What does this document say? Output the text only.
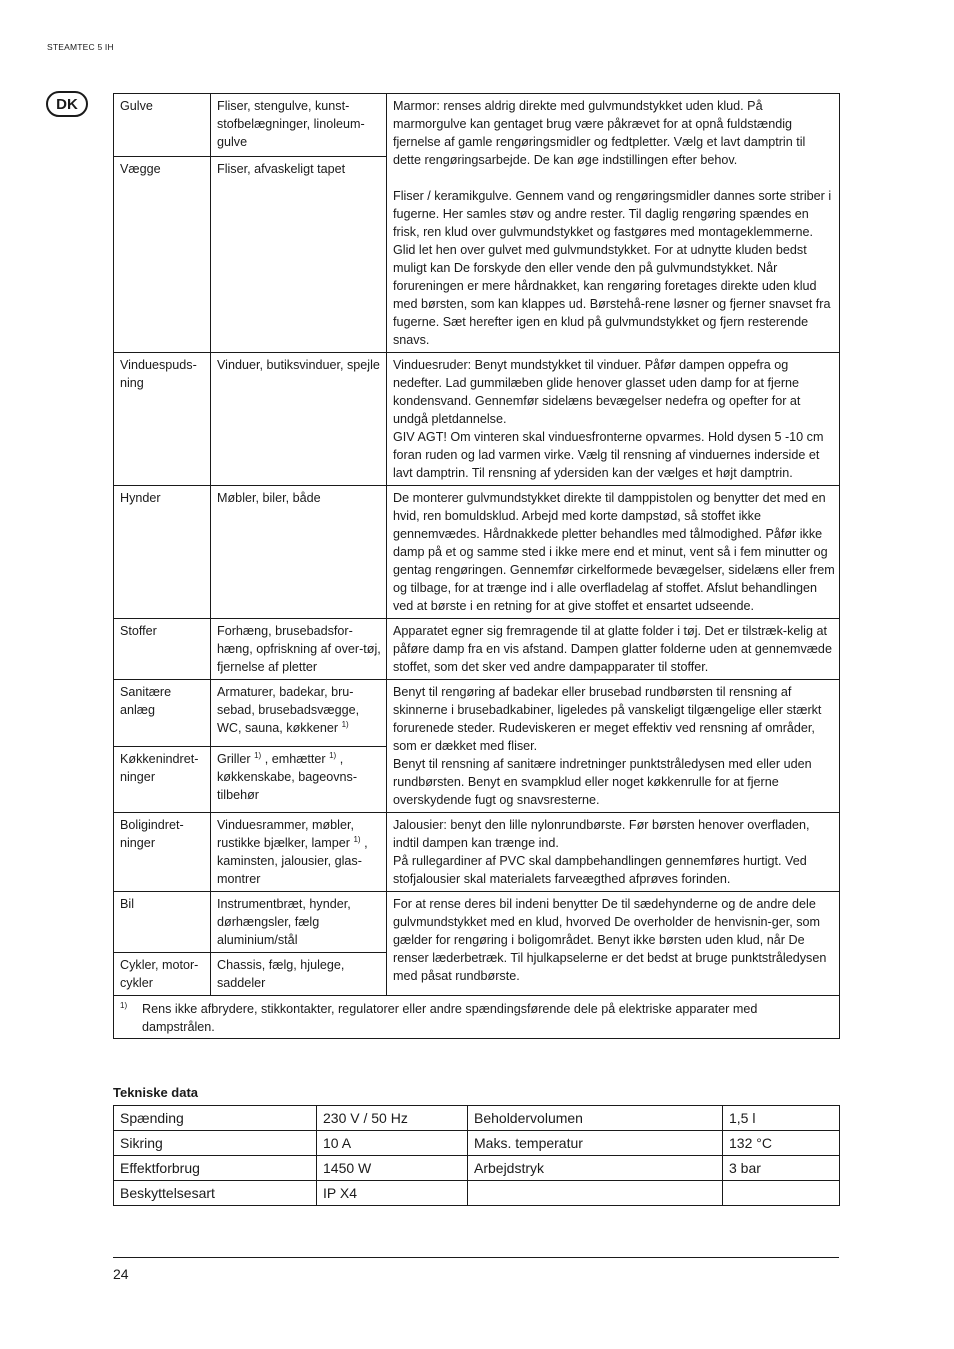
STEAMTEC 5 IH
DK	Gulve	Fliser, stengulve, kunst-stofbelægninger, linoleum-gulve	Marmor: renses aldrig direkte med gulvmundstykket uden klud. På marmorgulve kan gentaget brug være påkrævet for at opnå fuldstændig fjernelse af gamle rengøringsmidler og fedtpletter. Vælg et lavt damptrin til dette rengøringsarbejde. De kan øge indstillingen efter behov.
Fliser / keramikgulve. Gennem vand og rengøringsmidler dannes sorte striber i fugerne. Her samles støv og andre rester. Til daglig rengøring spændes en frisk, ren klud over gulvmundstykket og fastgøres med montageklemmerne. Glid let hen over gulvet med gulvmundstykket. For at udnytte kluden bedst muligt kan De forskyde den eller vende den på gulvmundstykket. Når forureningen er mere hårdnakket, kan rengøring foretages direkte uden klud med børsten, som kan klappes ud. Børstehå-rene løsner og fjerner snavset fra fugerne. Sæt herefter igen en klud på gulvmundstykket og fjern resterende snavs.

Vægge	Fliser, afvaskeligt tapet	
Vinduespuds-ning	Vinduer, butiksvinduer, spejle	Vinduesruder: Benyt mundstykket til vinduer. Påfør dampen oppefra og nedefter. Lad gummilæben glide henover glasset uden damp for at fjerne kondensvand. Gennemfør sidelæns bevægelser nedefra og opefter for at undgå pletdannelse.
GIV AGT! Om vinteren skal vinduesfronterne opvarmes. Hold dysen 5 -10 cm foran ruden og lad varmen virke. Vælg til rensning af vinduernes inderside et lavt damptrin. Til rensning af ydersiden kan der vælges et højt damptrin.

Hynder	Møbler, biler, både	De monterer gulvmundstykket direkte til damppistolen og benytter det med en hvid, ren bomuldsklud. Arbejd med korte dampstød, så stoffet ikke gennemvædes. Hårdnakkede pletter behandles med tålmodighed. Påfør ikke damp på et og samme sted i ikke mere end et minut, vent så i fem minutter og gentag rengøringen. Gennemfør cirkelformede bevægelser, sidelæns eller frem og tilbage, for at trænge ind i alle overfladelag af stoffet. Afslut behandlingen ved at børste i en retning for at give stoffet et ensartet udseende.
Stoffer	Forhæng, brusebadsfor-hæng, opfriskning af over-tøj, fjernelse af pletter	Apparatet egner sig fremragende til at glatte folder i tøj. Det er tilstræk-kelig at påføre damp fra en vis afstand. Dampen glatter folderne uden at gennemvæde stoffet, som det sker ved andre dampapparater til stoffer.
Sanitære anlæg	Armaturer, badekar, bru-sebad, brusebadsvægge, WC, sauna, køkkener $^{1)}$	Benyt til rengøring af badekar eller brusebad rundbørsten til rensning af skinnerne i brusebadkabiner, ligeledes på vanskeligt tilgængelige eller stærkt forurenede steder. Rudeviskeren er meget effektiv ved rensning af områder, som er dækket med fliser.
Benyt til rensning af sanitære indretninger punktstråledysen med eller uden rundbørsten. Benyt en svampklud eller noget køkkenrulle for at fjerne overskydende fugt og snavsresterne.

Køkkenindret-ninger	Griller $^{1)}$ , emhætter $^{1)}$ , køkkenskabe, bageovns-tilbehør	
Boligindret-ninger	Vinduesrammer, møbler, rustikke bjælker, lamper $^{1)}$ , kaminsten, jalousier, glas-montrer	Jalousier: benyt den lille nylonrundbørste. Før børsten henover overfladen, indtil dampen kan trænge ind.
På rullegardiner af PVC skal dampbehandlingen gennemføres hurtigt. Ved stofjalousier skal materialets farveægthed afprøves forinden.

Bil	Instrumentbræt, hynder, dørhængsler, fælg aluminium/stål	For at rense deres bil indeni benytter De til sædehynderne og de andre dele gulvmundstykket med en klud, hvorved De overholder de henvisnin-ger, som gælder for rengøring i boligområdet. Benyt ikke børsten uden klud, når De renser læderbetræk. Til hjulkapselerne er det bedst at bruge punktstråledysen med påsat rundbørste.
Cykler, motor-cykler	Chassis, fælg, hjulege, saddeler	
1) Rens ikke afbrydere, stikkontakter, regulatorer eller andre spændingsførende dele på elektriske apparater med dampstrålen.		
Tekniske data
Spænding	230 V / 50 Hz	Beholdervolumen	1,5 l
Sikring	10 A	Maks. temperatur	132 °C
Effektforbrug	1450 W	Arbejdstryk	3 bar
Beskyttelsesart	IP X4		
24
